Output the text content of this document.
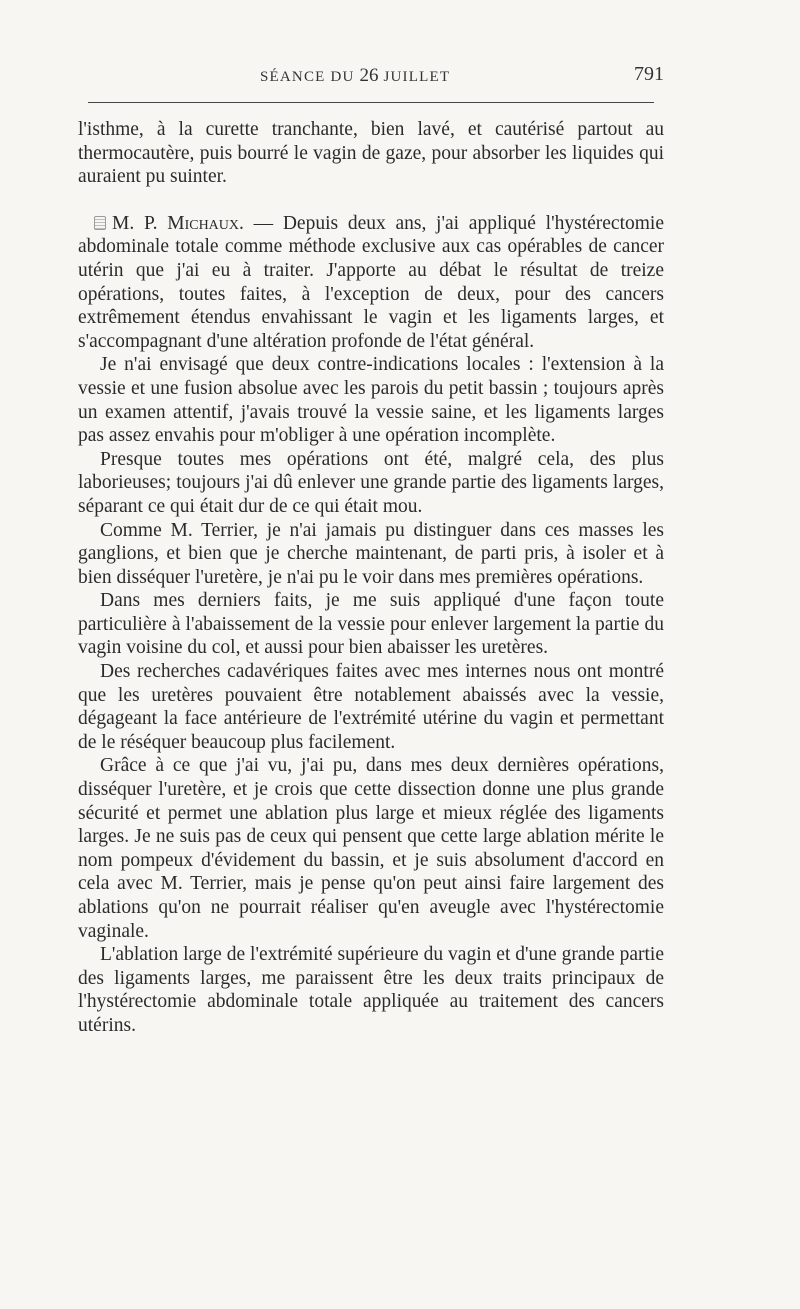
SÉANCE DU 26 JUILLET	791

l'isthme, à la curette tranchante, bien lavé, et cautérisé partout au thermocautère, puis bourré le vagin de gaze, pour absorber les liquides qui auraient pu suinter.

M. P. Michaux. — Depuis deux ans, j'ai appliqué l'hystérectomie abdominale totale comme méthode exclusive aux cas opérables de cancer utérin que j'ai eu à traiter. J'apporte au débat le résultat de treize opérations, toutes faites, à l'exception de deux, pour des cancers extrêmement étendus envahissant le vagin et les ligaments larges, et s'accompagnant d'une altération profonde de l'état général.

Je n'ai envisagé que deux contre-indications locales : l'extension à la vessie et une fusion absolue avec les parois du petit bassin ; toujours après un examen attentif, j'avais trouvé la vessie saine, et les ligaments larges pas assez envahis pour m'obliger à une opération incomplète.

Presque toutes mes opérations ont été, malgré cela, des plus laborieuses; toujours j'ai dû enlever une grande partie des ligaments larges, séparant ce qui était dur de ce qui était mou.

Comme M. Terrier, je n'ai jamais pu distinguer dans ces masses les ganglions, et bien que je cherche maintenant, de parti pris, à isoler et à bien disséquer l'uretère, je n'ai pu le voir dans mes premières opérations.

Dans mes derniers faits, je me suis appliqué d'une façon toute particulière à l'abaissement de la vessie pour enlever largement la partie du vagin voisine du col, et aussi pour bien abaisser les uretères.

Des recherches cadavériques faites avec mes internes nous ont montré que les uretères pouvaient être notablement abaissés avec la vessie, dégageant la face antérieure de l'extrémité utérine du vagin et permettant de le réséquer beaucoup plus facilement.

Grâce à ce que j'ai vu, j'ai pu, dans mes deux dernières opérations, disséquer l'uretère, et je crois que cette dissection donne une plus grande sécurité et permet une ablation plus large et mieux réglée des ligaments larges. Je ne suis pas de ceux qui pensent que cette large ablation mérite le nom pompeux d'évidement du bassin, et je suis absolument d'accord en cela avec M. Terrier, mais je pense qu'on peut ainsi faire largement des ablations qu'on ne pourrait réaliser qu'en aveugle avec l'hystérectomie vaginale.

L'ablation large de l'extrémité supérieure du vagin et d'une grande partie des ligaments larges, me paraissent être les deux traits principaux de l'hystérectomie abdominale totale appliquée au traitement des cancers utérins.
